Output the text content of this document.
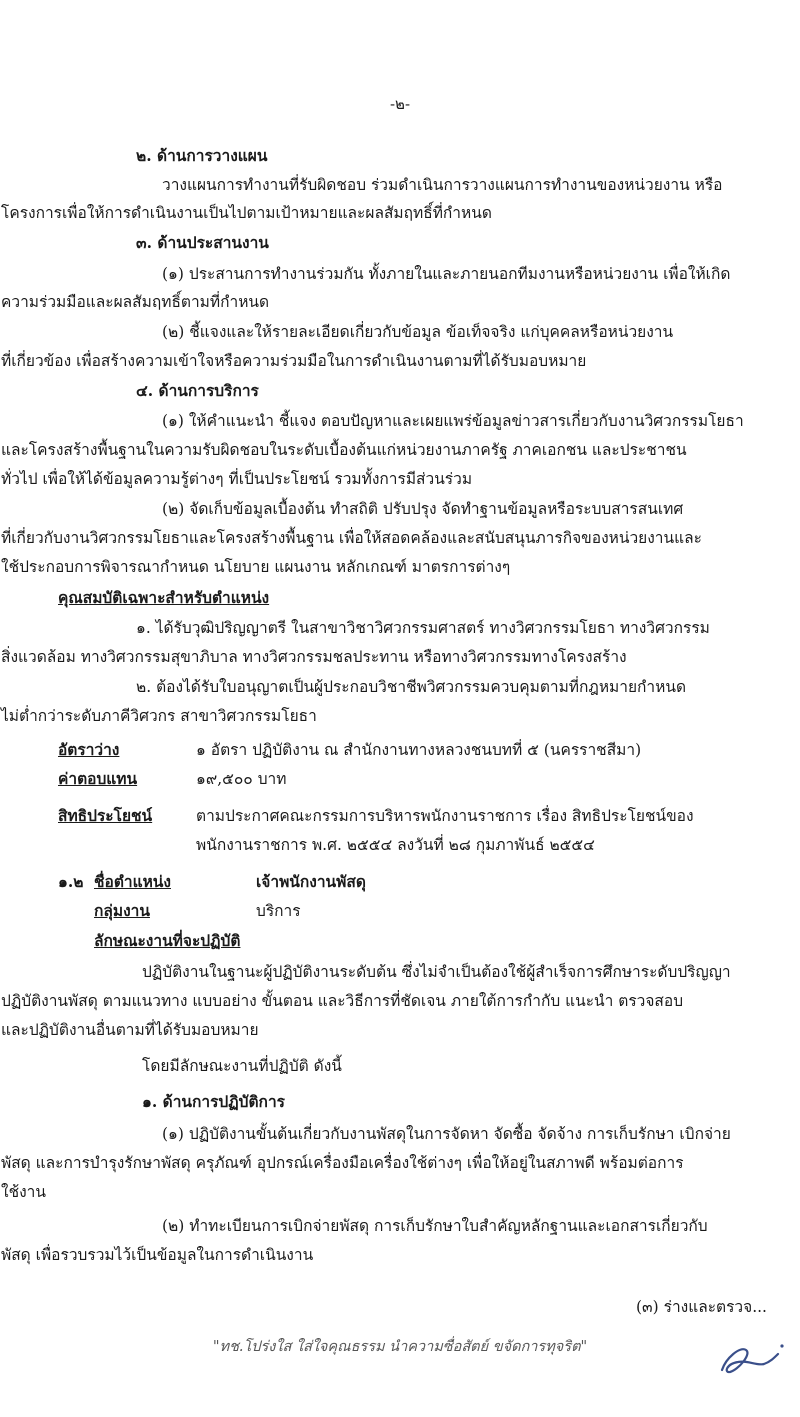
-๒-
๒. ด้านการวางแผน
วางแผนการทำงานที่รับผิดชอบ ร่วมดำเนินการวางแผนการทำงานของหน่วยงาน หรือ
โครงการเพื่อให้การดำเนินงานเป็นไปตามเป้าหมายและผลสัมฤทธิ์ที่กำหนด
๓. ด้านประสานงาน
(๑) ประสานการทำงานร่วมกัน ทั้งภายในและภายนอกทีมงานหรือหน่วยงาน เพื่อให้เกิด
ความร่วมมือและผลสัมฤทธิ์ตามที่กำหนด
(๒) ชี้แจงและให้รายละเอียดเกี่ยวกับข้อมูล ข้อเท็จจริง แก่บุคคลหรือหน่วยงาน
ที่เกี่ยวข้อง เพื่อสร้างความเข้าใจหรือความร่วมมือในการดำเนินงานตามที่ได้รับมอบหมาย
๔. ด้านการบริการ
(๑) ให้คำแนะนำ ชี้แจง ตอบปัญหาและเผยแพร่ข้อมูลข่าวสารเกี่ยวกับงานวิศวกรรมโยธา
และโครงสร้างพื้นฐานในความรับผิดชอบในระดับเบื้องต้นแก่หน่วยงานภาครัฐ ภาคเอกชน และประชาชน
ทั่วไป เพื่อให้ได้ข้อมูลความรู้ต่างๆ ที่เป็นประโยชน์ รวมทั้งการมีส่วนร่วม
(๒) จัดเก็บข้อมูลเบื้องต้น ทำสถิติ ปรับปรุง จัดทำฐานข้อมูลหรือระบบสารสนเทศ
ที่เกี่ยวกับงานวิศวกรรมโยธาและโครงสร้างพื้นฐาน เพื่อให้สอดคล้องและสนับสนุนภารกิจของหน่วยงานและ
ใช้ประกอบการพิจารณากำหนด นโยบาย แผนงาน หลักเกณฑ์ มาตรการต่างๆ
คุณสมบัติเฉพาะสำหรับตำแหน่ง
๑. ได้รับวุฒิปริญญาตรี ในสาขาวิชาวิศวกรรมศาสตร์ ทางวิศวกรรมโยธา ทางวิศวกรรม
สิ่งแวดล้อม ทางวิศวกรรมสุขาภิบาล ทางวิศวกรรมชลประทาน หรือทางวิศวกรรมทางโครงสร้าง
๒. ต้องได้รับใบอนุญาตเป็นผู้ประกอบวิชาชีพวิศวกรรมควบคุมตามที่กฎหมายกำหนด
ไม่ต่ำกว่าระดับภาคีวิศวกร สาขาวิศวกรรมโยธา
ปฏิบัติงานในฐานะผู้ปฏิบัติงานระดับต้น ซึ่งไม่จำเป็นต้องใช้ผู้สำเร็จการศึกษาระดับปริญญา
ปฏิบัติงานพัสดุ ตามแนวทาง แบบอย่าง ขั้นตอน และวิธีการที่ชัดเจน ภายใต้การกำกับ แนะนำ ตรวจสอบ
และปฏิบัติงานอื่นตามที่ได้รับมอบหมาย
โดยมีลักษณะงานที่ปฏิบัติ ดังนี้
๑. ด้านการปฏิบัติการ
(๑) ปฏิบัติงานขั้นต้นเกี่ยวกับงานพัสดุในการจัดหา จัดซื้อ จัดจ้าง การเก็บรักษา เบิกจ่าย
พัสดุ และการบำรุงรักษาพัสดุ ครุภัณฑ์ อุปกรณ์เครื่องมือเครื่องใช้ต่างๆ เพื่อให้อยู่ในสภาพดี พร้อมต่อการ
ใช้งาน
(๒) ทำทะเบียนการเบิกจ่ายพัสดุ การเก็บรักษาใบสำคัญหลักฐานและเอกสารเกี่ยวกับ
พัสดุ เพื่อรวบรวมไว้เป็นข้อมูลในการดำเนินงาน
อัตราว่าง	๑ อัตรา ปฏิบัติงาน ณ สำนักงานทางหลวงชนบทที่ ๕ (นครราชสีมา)
ค่าตอบแทน	๑๙,๕๐๐ บาท
สิทธิประโยชน์	ตามประกาศคณะกรรมการบริหารพนักงานราชการ เรื่อง สิทธิประโยชน์ของ
พนักงานราชการ พ.ศ. ๒๕๕๔ ลงวันที่ ๒๘ กุมภาพันธ์ ๒๕๕๔
๑.๒ ชื่อตำแหน่ง	เจ้าพนักงานพัสดุ
กลุ่มงาน	บริการ
ลักษณะงานที่จะปฏิบัติ
(๓) ร่างและตรวจ...
"ทช.โปร่งใส ใส่ใจคุณธรรม นำความซื่อสัตย์ ขจัดการทุจริต"
